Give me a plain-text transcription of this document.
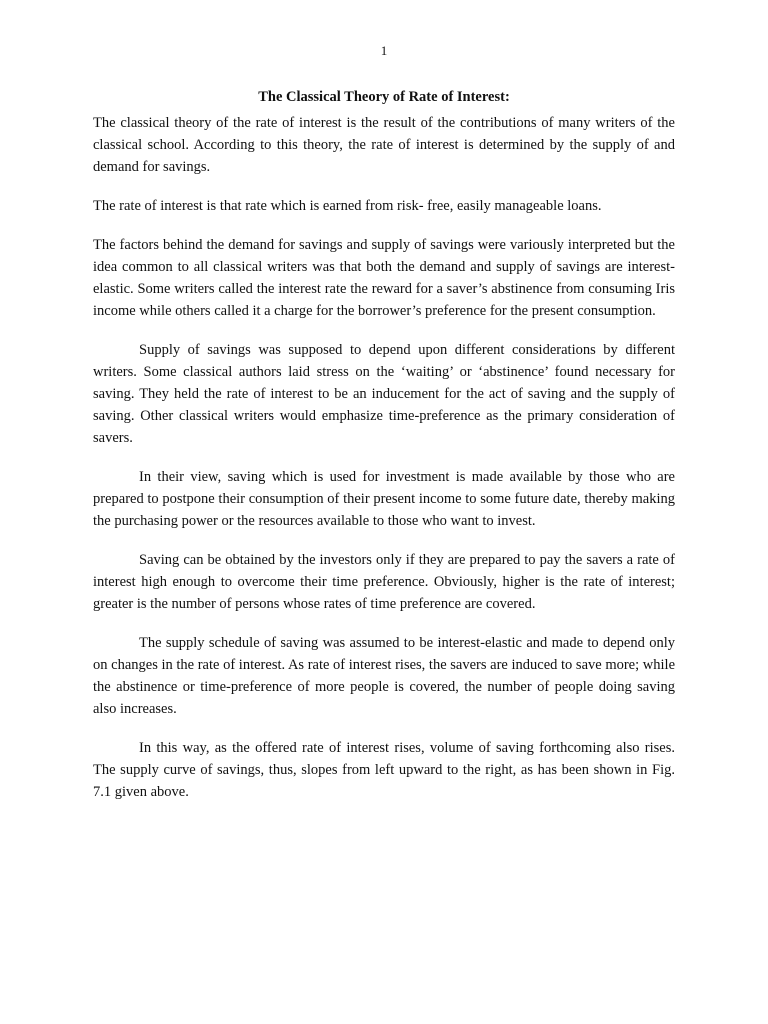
1
The Classical Theory of Rate of Interest:

The classical theory of the rate of interest is the result of the contributions of many writers of the classical school. According to this theory, the rate of interest is determined by the supply of and demand for savings.

The rate of interest is that rate which is earned from risk- free, easily manageable loans.

The factors behind the demand for savings and supply of savings were variously interpreted but the idea common to all classical writers was that both the demand and supply of savings are interest-elastic. Some writers called the interest rate the reward for a saver’s abstinence from consuming Iris income while others called it a charge for the borrower’s preference for the present consumption.

Supply of savings was supposed to depend upon different considerations by different writers. Some classical authors laid stress on the ‘waiting’ or ‘abstinence’ found necessary for saving. They held the rate of interest to be an inducement for the act of saving and the supply of saving. Other classical writers would emphasize time-preference as the primary consideration of savers.

In their view, saving which is used for investment is made available by those who are prepared to postpone their consumption of their present income to some future date, thereby making the purchasing power or the resources available to those who want to invest.

Saving can be obtained by the investors only if they are prepared to pay the savers a rate of interest high enough to overcome their time preference. Obviously, higher is the rate of interest; greater is the number of persons whose rates of time preference are covered.

The supply schedule of saving was assumed to be interest-elastic and made to depend only on changes in the rate of interest. As rate of interest rises, the savers are induced to save more; while the abstinence or time-preference of more people is covered, the number of people doing saving also increases.

In this way, as the offered rate of interest rises, volume of saving forthcoming also rises. The supply curve of savings, thus, slopes from left upward to the right, as has been shown in Fig. 7.1 given above.
